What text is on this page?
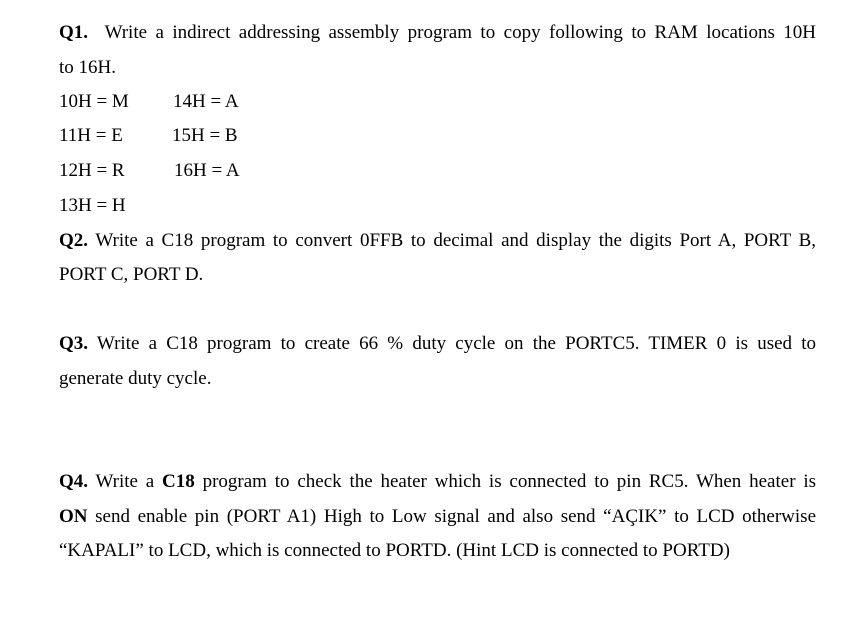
Q1. Write a indirect addressing assembly program to copy following to RAM locations 10H
to 16H.
10H = M 14H = A
11H = E	15H = B
12H = R	16H = A
13H = H
Q2. Write a C18 program to convert 0FFB to decimal and display the digits Port A, PORT B,
PORT C, PORT D.
Q3. Write a C18 program to create 66 % duty cycle on the PORTC5. TIMER 0 is used to
generate duty cycle.
Q4. Write a C18 program to check the heater which is connected to pin RC5. When heater is
ON send enable pin (PORT A1) High to Low signal and also send “AÇIK” to LCD otherwise
“KAPALI” to LCD, which is connected to PORTD. (Hint LCD is connected to PORTD)
